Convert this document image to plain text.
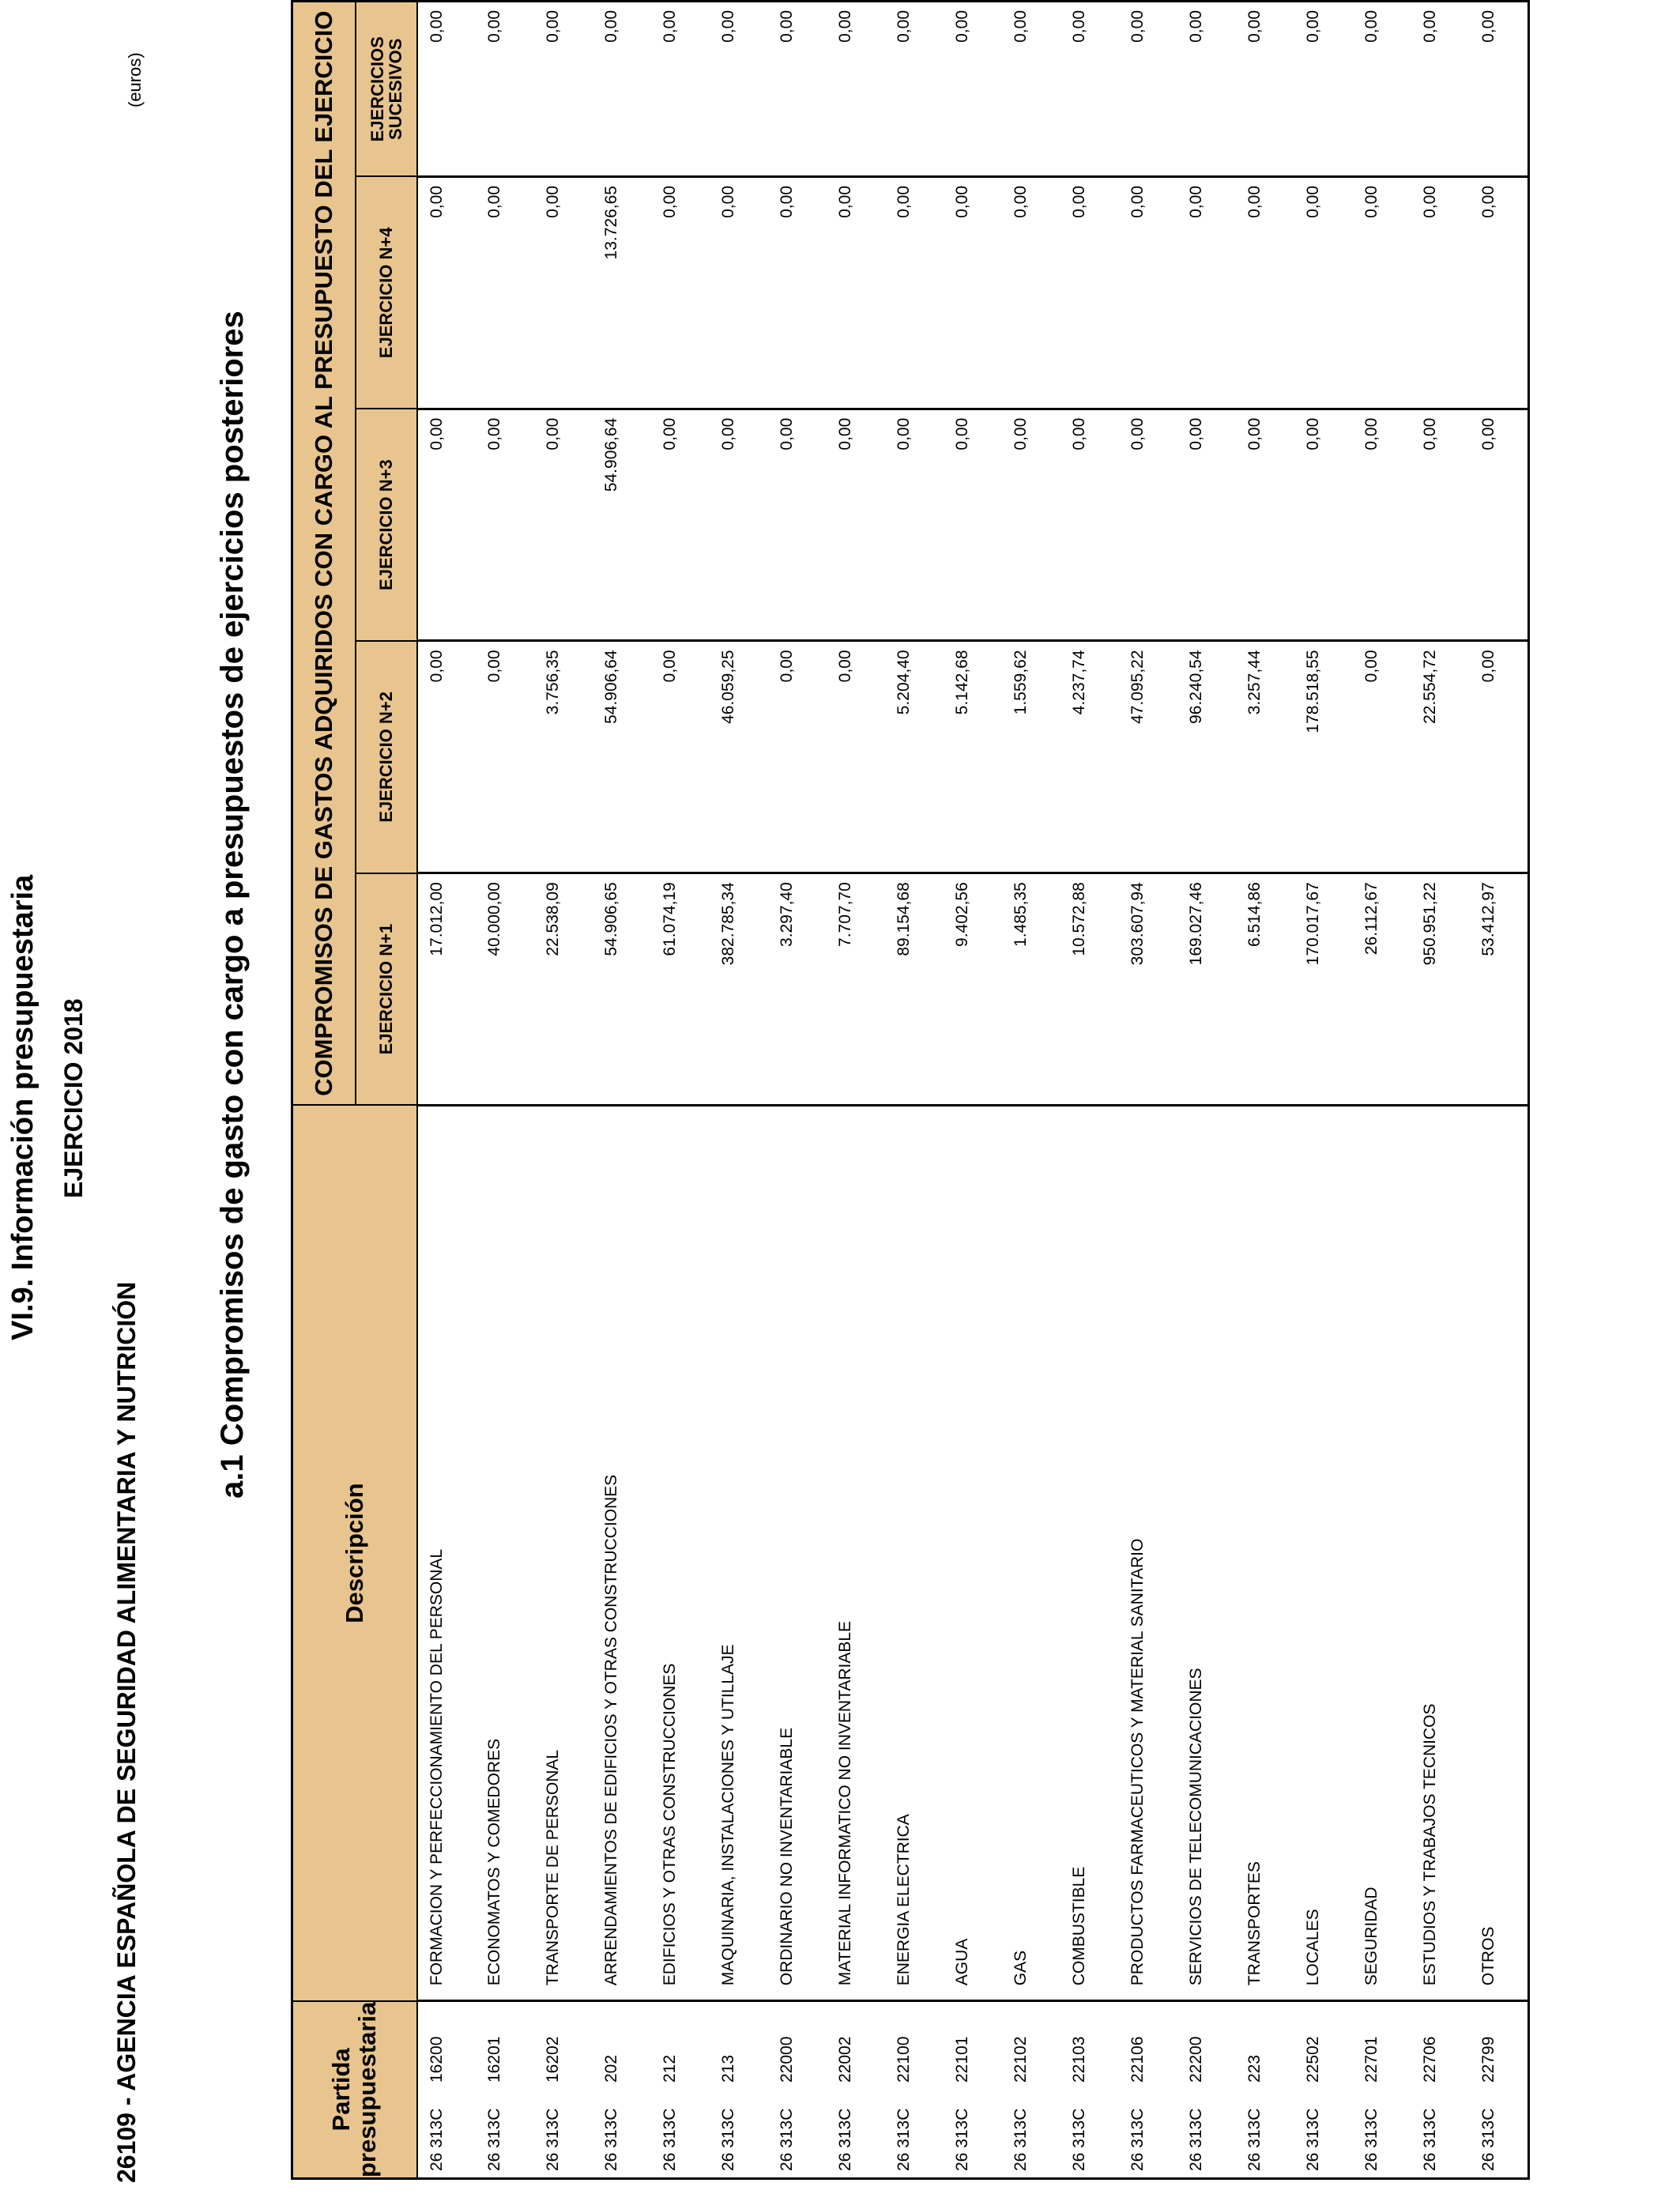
VI.9. Información presupuestaria EJERCICIO 2018
26109 - AGENCIA ESPAÑOLA DE SEGURIDAD ALIMENTARIA Y NUTRICIÓN
a.1 Compromisos de gasto con cargo a presupuestos de ejercicios posteriores
(euros)
Partida presupuestaria	Descripción	COMPROMISOS DE GASTOS ADQUIRIDOS CON CARGO AL PRESUPUESTO DEL EJERCICIO				
		EJERCICIO N+1	EJERCICIO N+2	EJERCICIO N+3	EJERCICIO N+4	EJERCICIOS SUCESIVOS
26 313C16200	FORMACION Y PERFECCIONAMIENTO DEL PERSONAL	17.012,00	0,00	0,00	0,00	0,00
26 313C16201	ECONOMATOS Y COMEDORES	40.000,00	0,00	0,00	0,00	0,00
26 313C16202	TRANSPORTE DE PERSONAL	22.538,09	3.756,35	0,00	0,00	0,00
26 313C202	ARRENDAMIENTOS DE EDIFICIOS Y OTRAS CONSTRUCCIONES	54.906,65	54.906,64	54.906,64	13.726,65	0,00
26 313C212	EDIFICIOS Y OTRAS CONSTRUCCIONES	61.074,19	0,00	0,00	0,00	0,00
26 313C213	MAQUINARIA, INSTALACIONES Y UTILLAJE	382.785,34	46.059,25	0,00	0,00	0,00
26 313C22000	ORDINARIO NO INVENTARIABLE	3.297,40	0,00	0,00	0,00	0,00
26 313C22002	MATERIAL INFORMATICO NO INVENTARIABLE	7.707,70	0,00	0,00	0,00	0,00
26 313C22100	ENERGIA ELECTRICA	89.154,68	5.204,40	0,00	0,00	0,00
26 313C22101	AGUA	9.402,56	5.142,68	0,00	0,00	0,00
26 313C22102	GAS	1.485,35	1.559,62	0,00	0,00	0,00
26 313C22103	COMBUSTIBLE	10.572,88	4.237,74	0,00	0,00	0,00
26 313C22106	PRODUCTOS FARMACEUTICOS Y MATERIAL SANITARIO	303.607,94	47.095,22	0,00	0,00	0,00
26 313C22200	SERVICIOS DE TELECOMUNICACIONES	169.027,46	96.240,54	0,00	0,00	0,00
26 313C223	TRANSPORTES	6.514,86	3.257,44	0,00	0,00	0,00
26 313C22502	LOCALES	170.017,67	178.518,55	0,00	0,00	0,00
26 313C22701	SEGURIDAD	26.112,67	0,00	0,00	0,00	0,00
26 313C22706	ESTUDIOS Y TRABAJOS TECNICOS	950.951,22	22.554,72	0,00	0,00	0,00
26 313C22799	OTROS	53.412,97	0,00	0,00	0,00	0,00
